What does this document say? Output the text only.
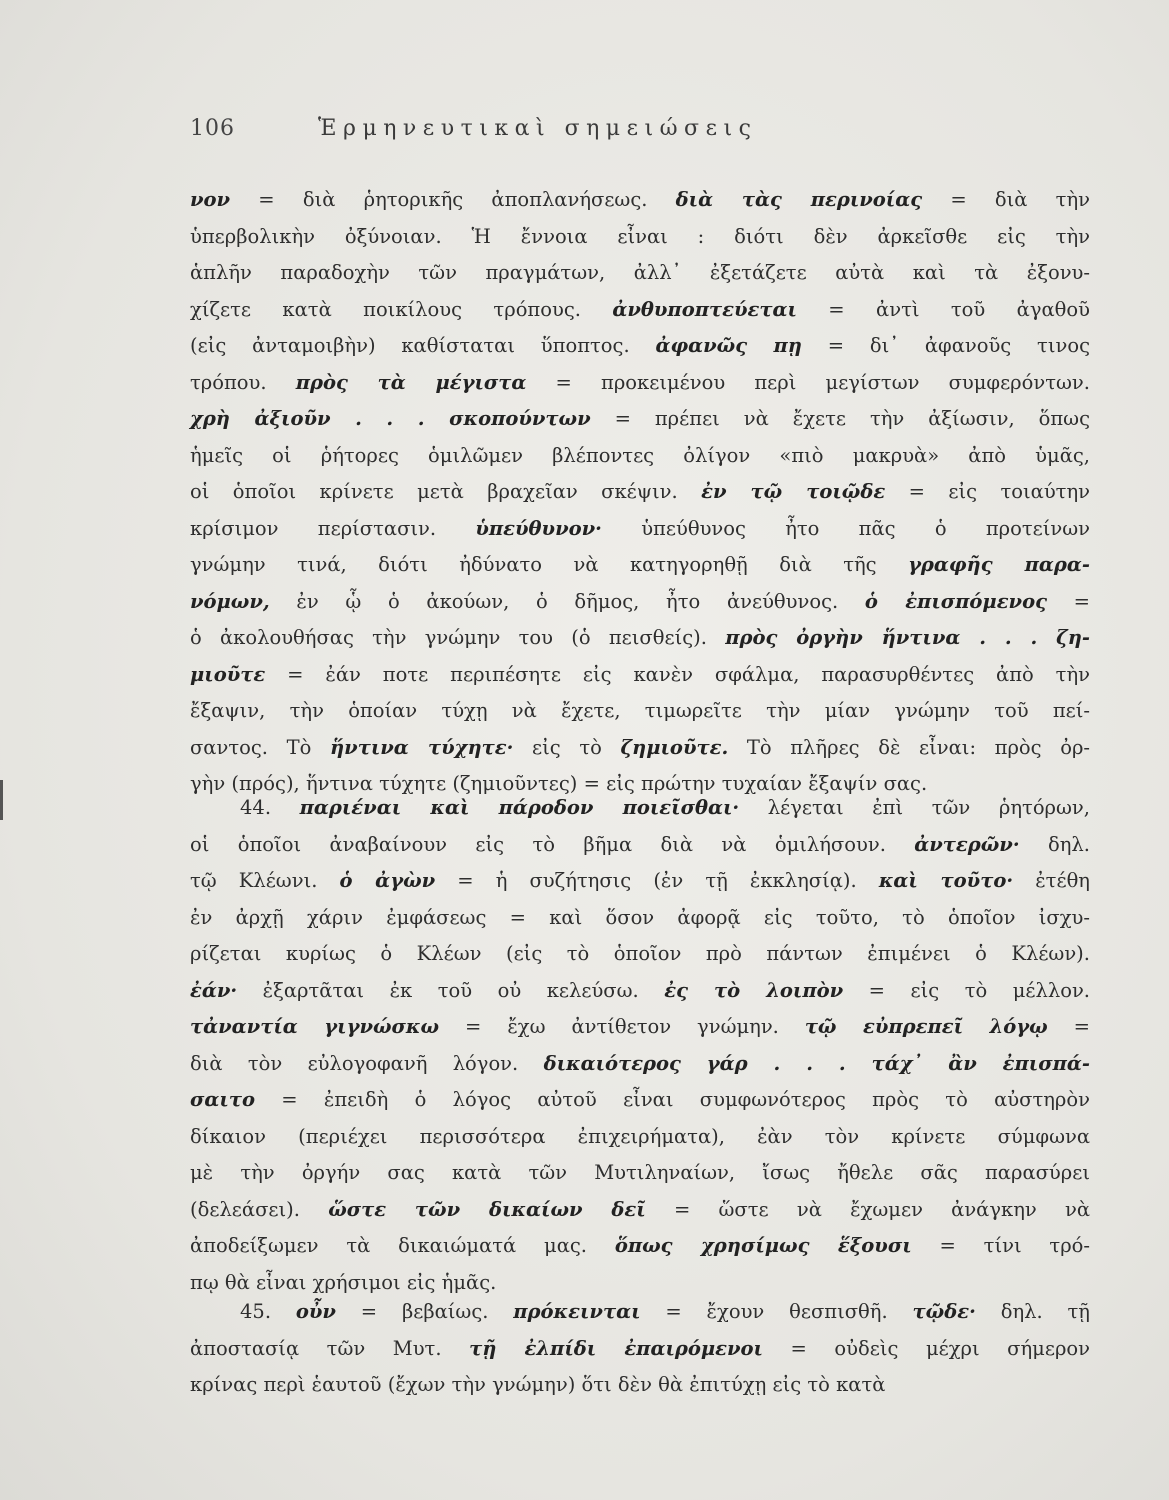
106	Ἑρμηνευτικαὶ σημειώσεις
νον = διὰ ῥητορικῆς ἀποπλανήσεως. διὰ τὰς περινοίας = διὰ τὴν
ὑπερβολικὴν ὀξύνοιαν. Ἡ ἔννοια εἶναι : διότι δὲν ἀρκεῖσθε εἰς τὴν
ἁπλῆν παραδοχὴν τῶν πραγμάτων, ἀλλ᾽ ἐξετάζετε αὐτὰ καὶ τὰ ἐξονυ-
χίζετε κατὰ ποικίλους τρόπους. ἀνθυποπτεύεται = ἀντὶ τοῦ ἀγαθοῦ
(εἰς ἀνταμοιβὴν) καθίσταται ὕποπτος. ἀφανῶς πῃ = δι᾽ ἀφανοῦς τινος
τρόπου. πρὸς τὰ μέγιστα = προκειμένου περὶ μεγίστων συμφερόντων.
χρὴ ἀξιοῦν . . . σκοπούντων = πρέπει νὰ ἔχετε τὴν ἀξίωσιν, ὅπως
ἡμεῖς οἱ ῥήτορες ὁμιλῶμεν βλέποντες ὀλίγον «πιὸ μακρυὰ» ἀπὸ ὑμᾶς,
οἱ ὁποῖοι κρίνετε μετὰ βραχεῖαν σκέψιν. ἐν τῷ τοιῷδε = εἰς τοιαύτην
κρίσιμον περίστασιν. ὑπεύθυνον· ὑπεύθυνος ἦτο πᾶς ὁ προτείνων
γνώμην τινά, διότι ἠδύνατο νὰ κατηγορηθῇ διὰ τῆς γραφῆς παρα-
νόμων, ἐν ᾧ ὁ ἀκούων, ὁ δῆμος, ἦτο ἀνεύθυνος. ὁ ἐπισπόμενος =
ὁ ἀκολουθήσας τὴν γνώμην του (ὁ πεισθείς). πρὸς ὀργὴν ἥντινα . . . ζη-
μιοῦτε = ἐάν ποτε περιπέσητε εἰς κανὲν σφάλμα, παρασυρθέντες ἀπὸ τὴν
ἔξαψιν, τὴν ὁποίαν τύχῃ νὰ ἔχετε, τιμωρεῖτε τὴν μίαν γνώμην τοῦ πεί-
σαντος. Τὸ ἥντινα τύχητε· εἰς τὸ ζημιοῦτε. Τὸ πλῆρες δὲ εἶναι: πρὸς ὀρ-
γὴν (πρός), ἥντινα τύχητε (ζημιοῦντες) = εἰς πρώτην τυχαίαν ἔξαψίν σας.
44. παριέναι καὶ πάροδον ποιεῖσθαι· λέγεται ἐπὶ τῶν ῥητόρων,
οἱ ὁποῖοι ἀναβαίνουν εἰς τὸ βῆμα διὰ νὰ ὁμιλήσουν. ἀντερῶν· δηλ.
τῷ Κλέωνι. ὁ ἀγὼν = ἡ συζήτησις (ἐν τῇ ἐκκλησίᾳ). καὶ τοῦτο· ἐτέθη
ἐν ἀρχῇ χάριν ἐμφάσεως = καὶ ὅσον ἀφορᾷ εἰς τοῦτο, τὸ ὁποῖον ἰσχυ-
ρίζεται κυρίως ὁ Κλέων (εἰς τὸ ὁποῖον πρὸ πάντων ἐπιμένει ὁ Κλέων).
ἐάν· ἐξαρτᾶται ἐκ τοῦ οὐ κελεύσω. ἐς τὸ λοιπὸν = εἰς τὸ μέλλον.
τἀναντία γιγνώσκω = ἔχω ἀντίθετον γνώμην. τῷ εὐπρεπεῖ λόγῳ =
διὰ τὸν εὐλογοφανῆ λόγον. δικαιότερος γάρ . . . τάχ᾽ ἂν ἐπισπά-
σαιτο = ἐπειδὴ ὁ λόγος αὐτοῦ εἶναι συμφωνότερος πρὸς τὸ αὐστηρὸν
δίκαιον (περιέχει περισσότερα ἐπιχειρήματα), ἐὰν τὸν κρίνετε σύμφωνα
μὲ τὴν ὀργήν σας κατὰ τῶν Μυτιληναίων, ἴσως ἤθελε σᾶς παρασύρει
(δελεάσει). ὥστε τῶν δικαίων δεῖ = ὥστε νὰ ἔχωμεν ἀνάγκην νὰ
ἀποδείξωμεν τὰ δικαιώματά μας. ὅπως χρησίμως ἕξουσι = τίνι τρό-
πῳ θὰ εἶναι χρήσιμοι εἰς ἡμᾶς.
45. οὖν = βεβαίως. πρόκεινται = ἔχουν θεσπισθῆ. τῷδε· δηλ. τῇ
ἀποστασίᾳ τῶν Μυτ. τῇ ἐλπίδι ἐπαιρόμενοι = οὐδεὶς μέχρι σήμερον
κρίνας περὶ ἑαυτοῦ (ἔχων τὴν γνώμην) ὅτι δὲν θὰ ἐπιτύχῃ εἰς τὸ κατὰ
